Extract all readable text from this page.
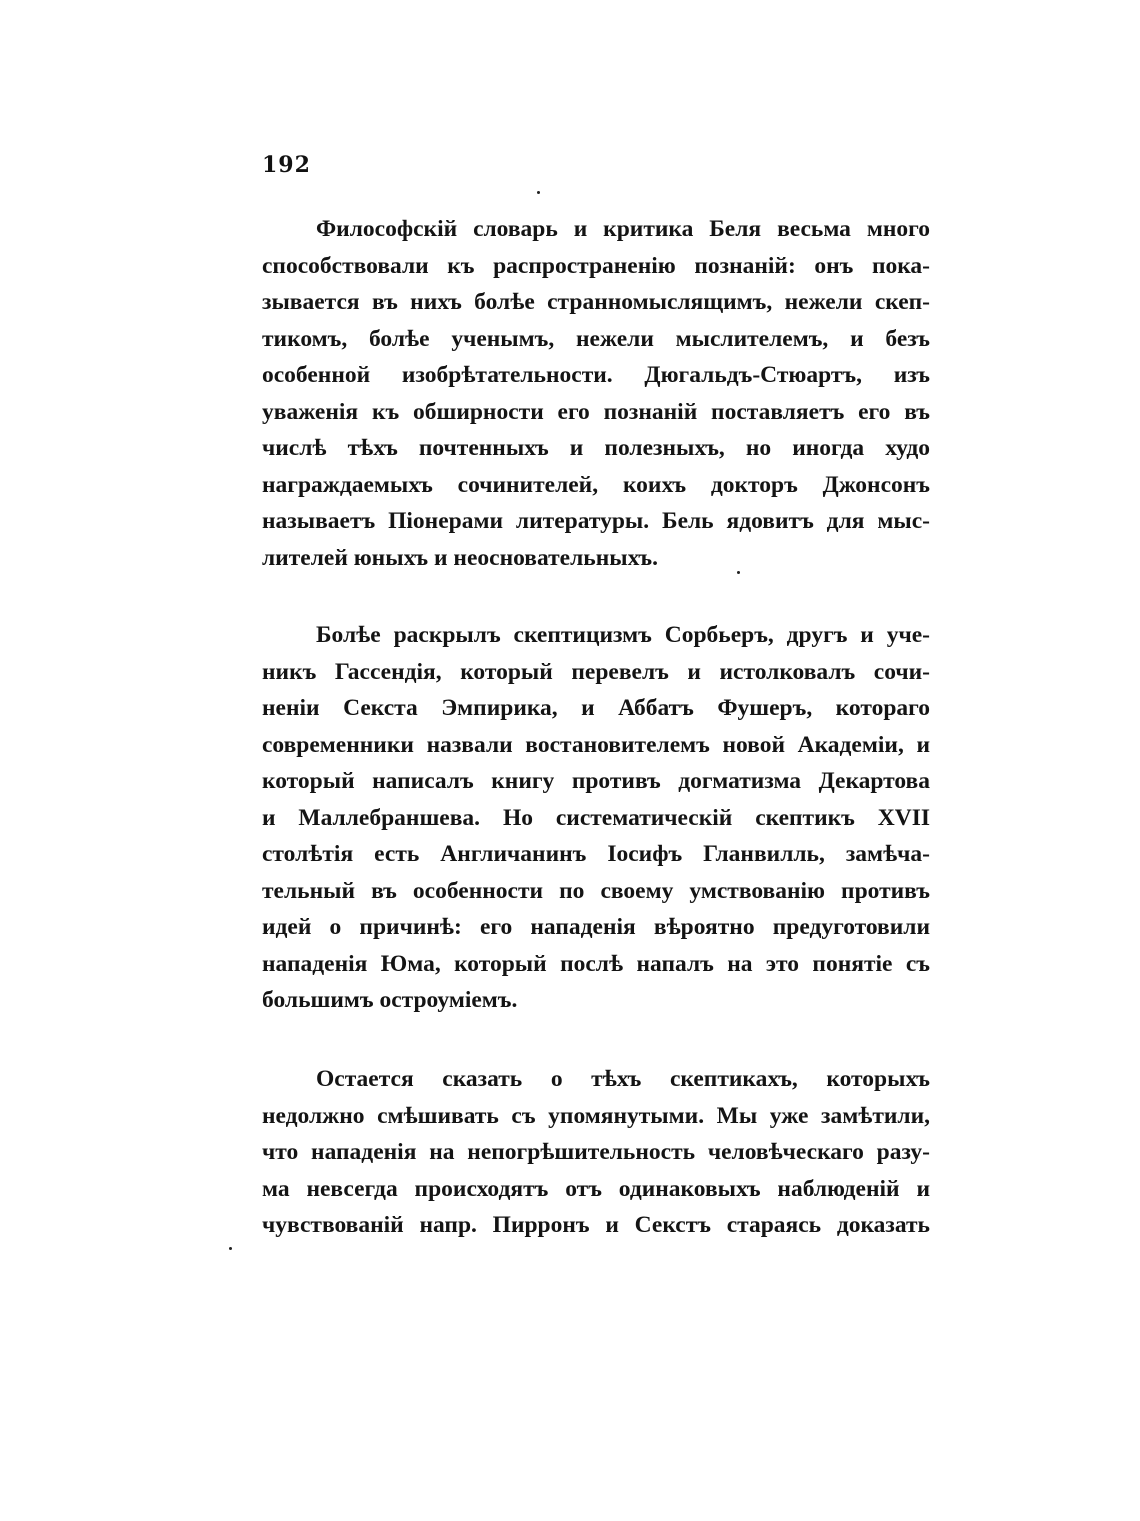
192
Философскій словарь и критика Беля весьма много
способствовали къ распространенію познаній: онъ пока-
зывается въ нихъ болѣе странномыслящимъ, нежели скеп-
тикомъ, болѣе ученымъ, нежели мыслителемъ, и безъ
особенной изобрѣтательности. Дюгальдъ-Стюартъ, изъ
уваженія къ обширности его познаній поставляетъ его въ
числѣ тѣхъ почтенныхъ и полезныхъ, но иногда худо
награждаемыхъ сочинителей, коихъ докторъ Джонсонъ
называетъ Піонерами литературы. Бель ядовитъ для мыс-
лителей юныхъ и неосновательныхъ.
Болѣе раскрылъ скептицизмъ Сорбьеръ, другъ и уче-
никъ Гассендія, который перевелъ и истолковалъ сочи-
неніи Секста Эмпирика, и Аббатъ Фушеръ, котораго
современники назвали востановителемъ новой Академіи, и
который написалъ книгу противъ догматизма Декартова
и Маллебраншева. Но систематическій скептикъ XVII
столѣтія есть Англичанинъ Іосифъ Гланвилль, замѣча-
тельный въ особенности по своему умствованію противъ
идей о причинѣ: его нападенія вѣроятно предуготовили
нападенія Юма, который послѣ напалъ на это понятіе съ
большимъ остроуміемъ.
Остается сказать о тѣхъ скептикахъ, которыхъ
недолжно смѣшивать съ упомянутыми. Мы уже замѣтили,
что нападенія на непогрѣшительность человѣческаго разу-
ма невсегда происходятъ отъ одинаковыхъ наблюденій и
чувствованій напр. Пирронъ и Секстъ стараясь доказать
